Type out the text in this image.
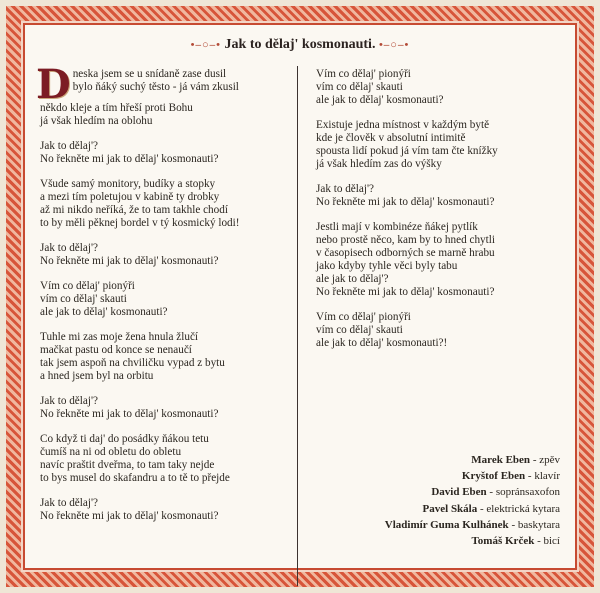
•–○–• Jak to dělaj' kosmonauti. •–○–•
D neska jsem se u snídaně zase dusil
bylo ňáký suchý těsto - já vám zkusil
někdo kleje a tím hřeší proti Bohu
já však hledím na oblohu
Jak to dělaj'?
No řekněte mi jak to dělaj' kosmonauti?
Všude samý monitory, budíky a stopky
a mezi tím poletujou v kabině ty drobky
až mi nikdo neříká, že to tam takhle chodí
to by měli pěknej bordel v tý kosmický lodi!
Jak to dělaj'?
No řekněte mi jak to dělaj' kosmonauti?
Vím co dělaj' pionýři
vím co dělaj' skauti
ale jak to dělaj' kosmonauti?
Tuhle mi zas moje žena hnula žlučí
mačkat pastu od konce se nenaučí
tak jsem aspoň na chviličku vypad z bytu
a hned jsem byl na orbitu
Jak to dělaj'?
No řekněte mi jak to dělaj' kosmonauti?
Co když ti daj' do posádky ňákou tetu
čumíš na ni od obletu do obletu
navíc praštit dveřma, to tam taky nejde
to bys musel do skafandru a to tě to přejde
Jak to dělaj'?
No řekněte mi jak to dělaj' kosmonauti?
Vím co dělaj' pionýři
vím co dělaj' skauti
ale jak to dělaj' kosmonauti?
Existuje jedna místnost v každým bytě
kde je člověk v absolutní intimitě
spousta lidí pokud já vím tam čte knížky
já však hledím zas do výšky
Jak to dělaj'?
No řekněte mi jak to dělaj' kosmonauti?
Jestli mají v kombinéze ňákej pytlík
nebo prostě něco, kam by to hned chytli
v časopisech odborných se marně hrabu
jako kdyby tyhle věci byly tabu
ale jak to dělaj'?
No řekněte mi jak to dělaj' kosmonauti?
Vím co dělaj' pionýři
vím co dělaj' skauti
ale jak to dělaj' kosmonauti?!
Marek Eben - zpěv
Kryštof Eben - klavír
David Eben - sopránsaxofon
Pavel Skála - elektrická kytara
Vladimír Guma Kulhánek - baskytara
Tomáš Krček - bicí
